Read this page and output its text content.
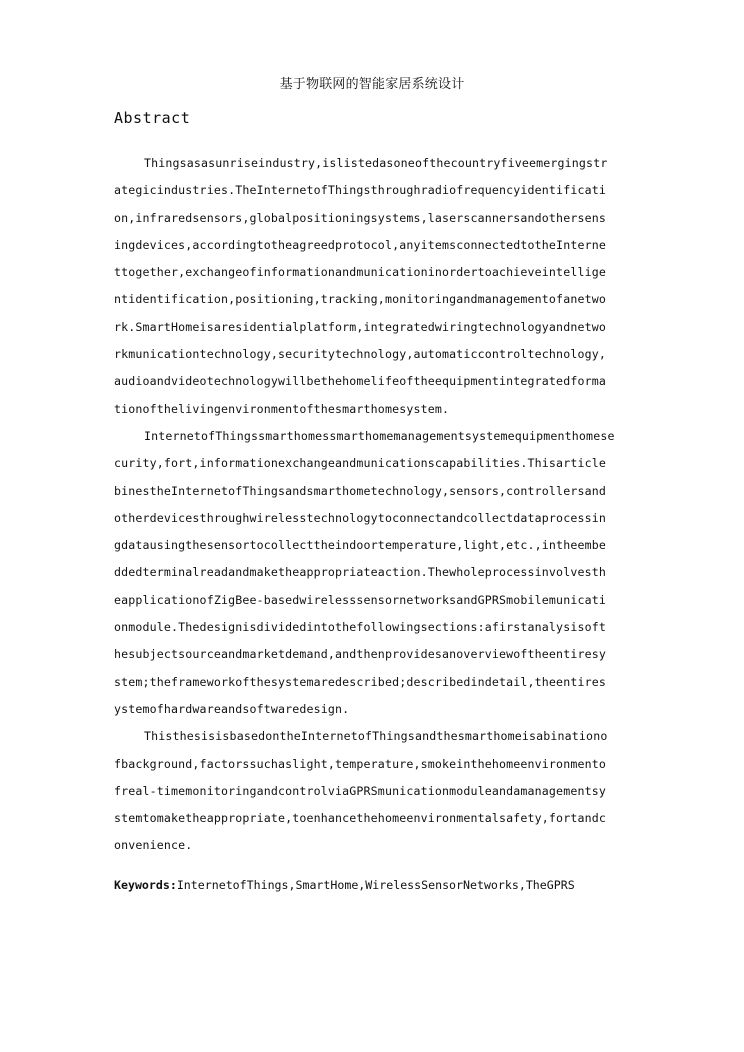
基于物联网的智能家居系统设计
Abstract
Thingsasasunriseindustry,islistedasoneofthecountryfiveemergingstr
ategicindustries.TheInternetofThingsthroughradiofrequencyidentificati
on,infraredsensors,globalpositioningsystems,laserscannersandothersens
ingdevices,accordingtotheagreedprotocol,anyitemsconnectedtotheInterne
ttogether,exchangeofinformationandmunicationinordertoachieveintellige
ntidentification,positioning,tracking,monitoringandmanagementofanetwo
rk.SmartHomeisaresidentialplatform,integratedwiringtechnologyandnetwo
rkmunicationtechnology,securitytechnology,automaticcontroltechnology,
audioandvideotechnologywillbethehomelifeoftheequipmentintegratedforma
tionofthelivingenvironmentofthesmarthomesystem.
InternetofThingssmarthomessmarthomemanagementsystemequipmenthomese
curity,fort,informationexchangeandmunicationscapabilities.Thisarticle
binestheInternetofThingsandsmarthometechnology,sensors,controllersand
otherdevicesthroughwirelesstechnologytoconnectandcollectdataprocessin
gdatausingthesensortocollecttheindoortemperature,light,etc.,intheembe
ddedterminalreadandmaketheappropriateaction.Thewholeprocessinvolvesth
eapplicationofZigBee-basedwirelesssensornetworksandGPRSmobilemunicati
onmodule.Thedesignisdividedintothefollowingsections:afirstanalysisoft
hesubjectsourceandmarketdemand,andthenprovidesanoverviewoftheentiresy
stem;theframeworkofthesystemaredescribed;describedindetail,theentires
ystemofhardwareandsoftwaredesign.
ThisthesisisbasedontheInternetofThingsandthesmarthomeisabinationo
fbackground,factorssuchaslight,temperature,smokeinthehomeenvironmento
freal-timemonitoringandcontrolviaGPRSmunicationmoduleandamanagementsy
stemtomaketheappropriate,toenhancethehomeenvironmentalsafety,fortandc
onvenience.
Keywords:InternetofThings,SmartHome,WirelessSensorNetworks,TheGPRS
